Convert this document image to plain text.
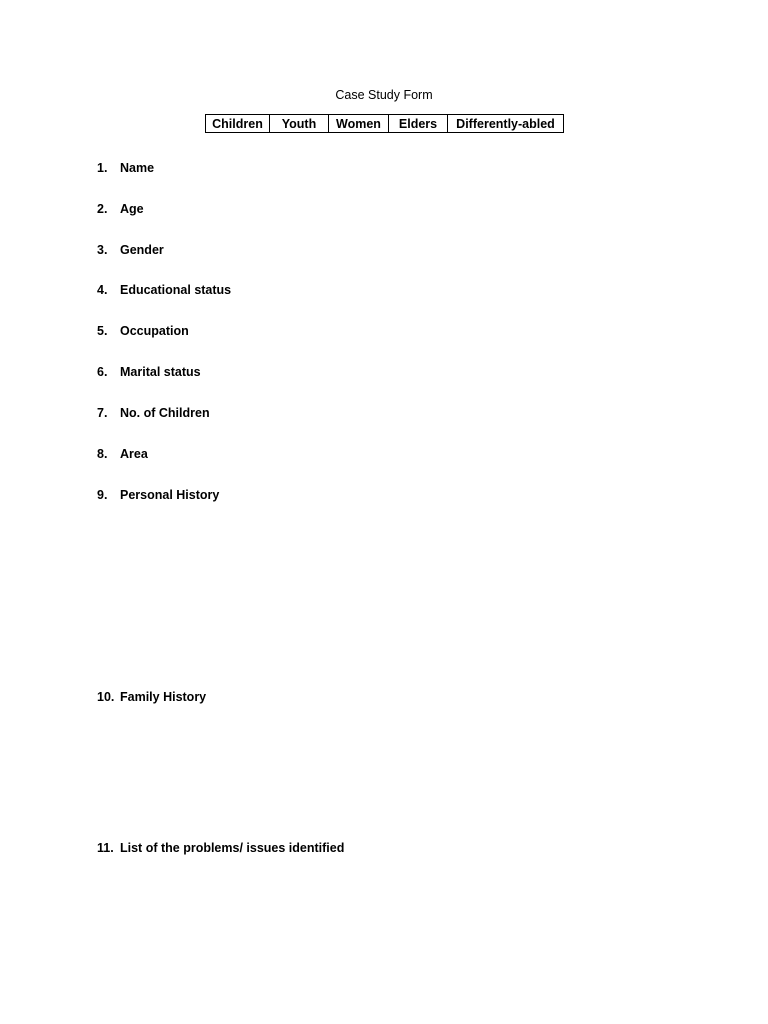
Case Study Form
Children	Youth	Women	Elders	Differently-abled
1. Name
2. Age
3. Gender
4. Educational status
5. Occupation
6. Marital status
7. No. of Children
8. Area
9. Personal History
10. Family History
11. List of the problems/ issues identified
